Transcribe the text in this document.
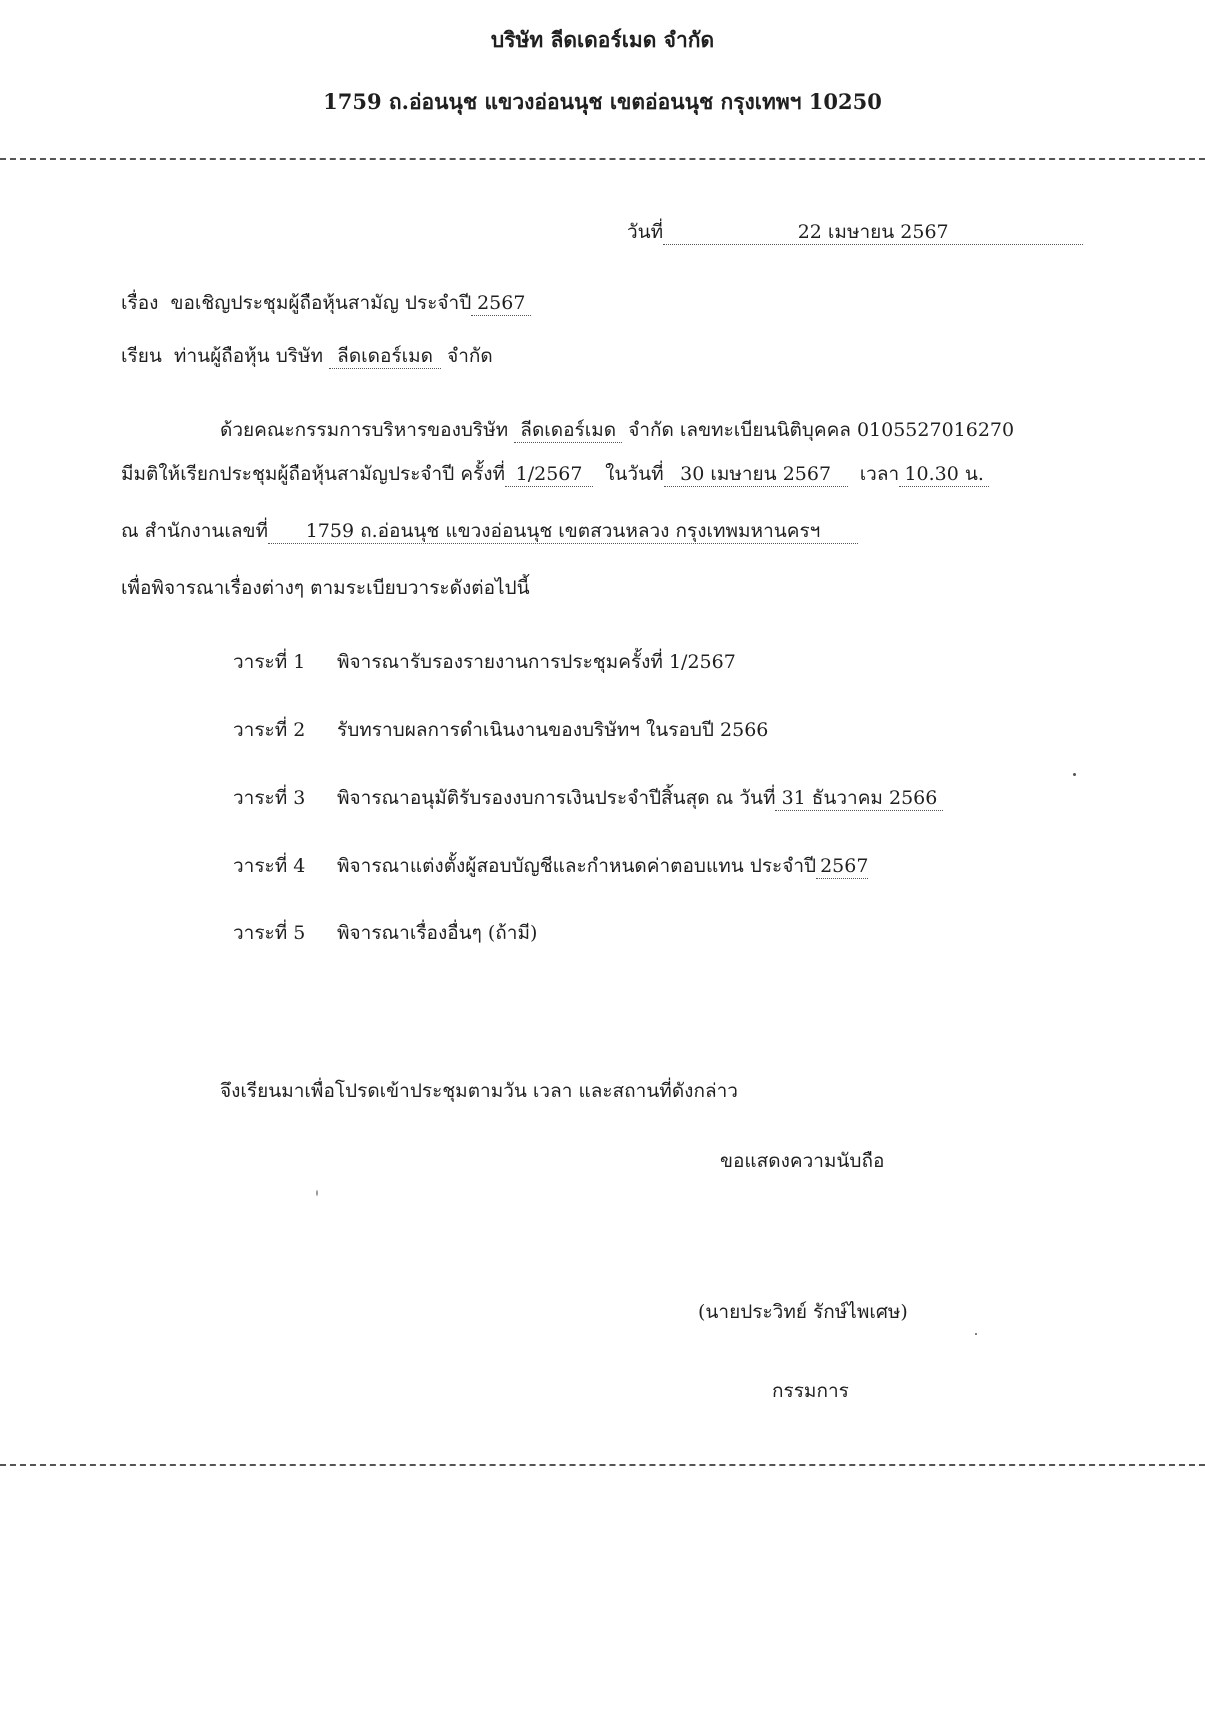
บริษัท ลีดเดอร์เมด จำกัด
1759 ถ.อ่อนนุช แขวงอ่อนนุช เขตอ่อนนุช กรุงเทพฯ 10250
วันที่	22 เมษายน 2567
เรื่อง ขอเชิญประชุมผู้ถือหุ้นสามัญ ประจำปี 2567
เรียน ท่านผู้ถือหุ้น บริษัท ลีดเดอร์เมด จำกัด
ด้วยคณะกรรมการบริหารของบริษัท ลีดเดอร์เมด จำกัด เลขทะเบียนนิติบุคคล 0105527016270
มีมติให้เรียกประชุมผู้ถือหุ้นสามัญประจำปี ครั้งที่ 1/2567 ในวันที่ 30 เมษายน 2567 เวลา 10.30 น.
ณ สำนักงานเลขที่ 1759 ถ.อ่อนนุช แขวงอ่อนนุช เขตสวนหลวง กรุงเทพมหานครฯ
เพื่อพิจารณาเรื่องต่างๆ ตามระเบียบวาระดังต่อไปนี้
วาระที่ 1 พิจารณารับรองรายงานการประชุมครั้งที่ 1/2567
วาระที่ 2 รับทราบผลการดำเนินงานของบริษัทฯ ในรอบปี 2566
วาระที่ 3 พิจารณาอนุมัติรับรองงบการเงินประจำปีสิ้นสุด ณ วันที่ 31 ธันวาคม 2566
วาระที่ 4 พิจารณาแต่งตั้งผู้สอบบัญชีและกำหนดค่าตอบแทน ประจำปี 2567
วาระที่ 5 พิจารณาเรื่องอื่นๆ (ถ้ามี)
จึงเรียนมาเพื่อโปรดเข้าประชุมตามวัน เวลา และสถานที่ดังกล่าว
ขอแสดงความนับถือ
(นายประวิทย์ รักษ์ไพเศษ)
กรรมการ
